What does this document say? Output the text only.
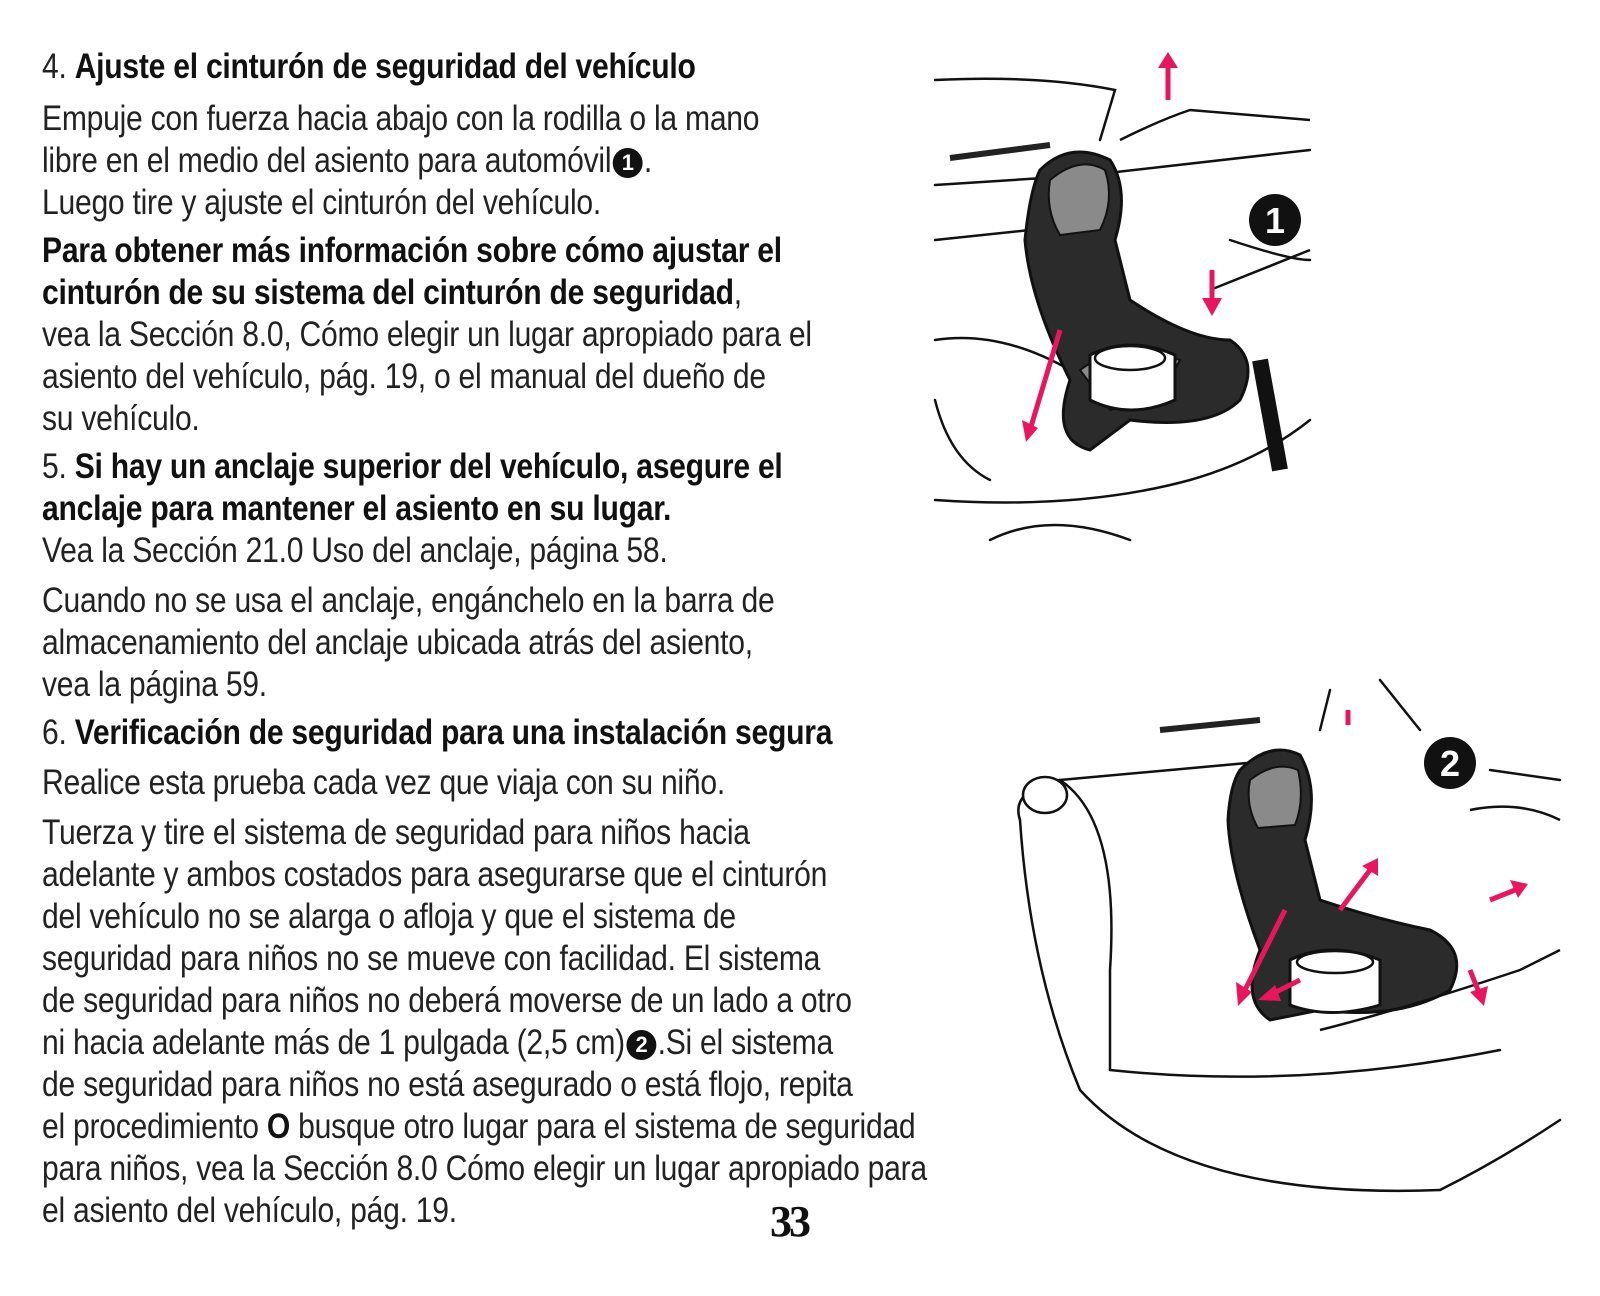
4. Ajuste el cinturón de seguridad del vehículo
Empuje con fuerza hacia abajo con la rodilla o la mano
libre en el medio del asiento para automóvil 1 .
Luego tire y ajuste el cinturón del vehículo.
Para obtener más información sobre cómo ajustar el
cinturón de su sistema del cinturón de seguridad,
vea la Sección 8.0, Cómo elegir un lugar apropiado para el
asiento del vehículo, pág. 19, o el manual del dueño de
su vehículo.
5. Si hay un anclaje superior del vehículo, asegure el
anclaje para mantener el asiento en su lugar.
Vea la Sección 21.0 Uso del anclaje, página 58.
Cuando no se usa el anclaje, engánchelo en la barra de
almacenamiento del anclaje ubicada atrás del asiento,
vea la página 59.
6. Verificación de seguridad para una instalación segura
Realice esta prueba cada vez que viaja con su niño.
Tuerza y tire el sistema de seguridad para niños hacia
adelante y ambos costados para asegurarse que el cinturón
del vehículo no se alarga o afloja y que el sistema de
seguridad para niños no se mueve con facilidad. El sistema
de seguridad para niños no deberá moverse de un lado a otro
ni hacia adelante más de 1 pulgada (2,5 cm) 2 .Si el sistema
de seguridad para niños no está asegurado o está flojo, repita
el procedimiento O busque otro lugar para el sistema de seguridad
para niños, vea la Sección 8.0 Cómo elegir un lugar apropiado para
el asiento del vehículo, pág. 19.	33
1
2
